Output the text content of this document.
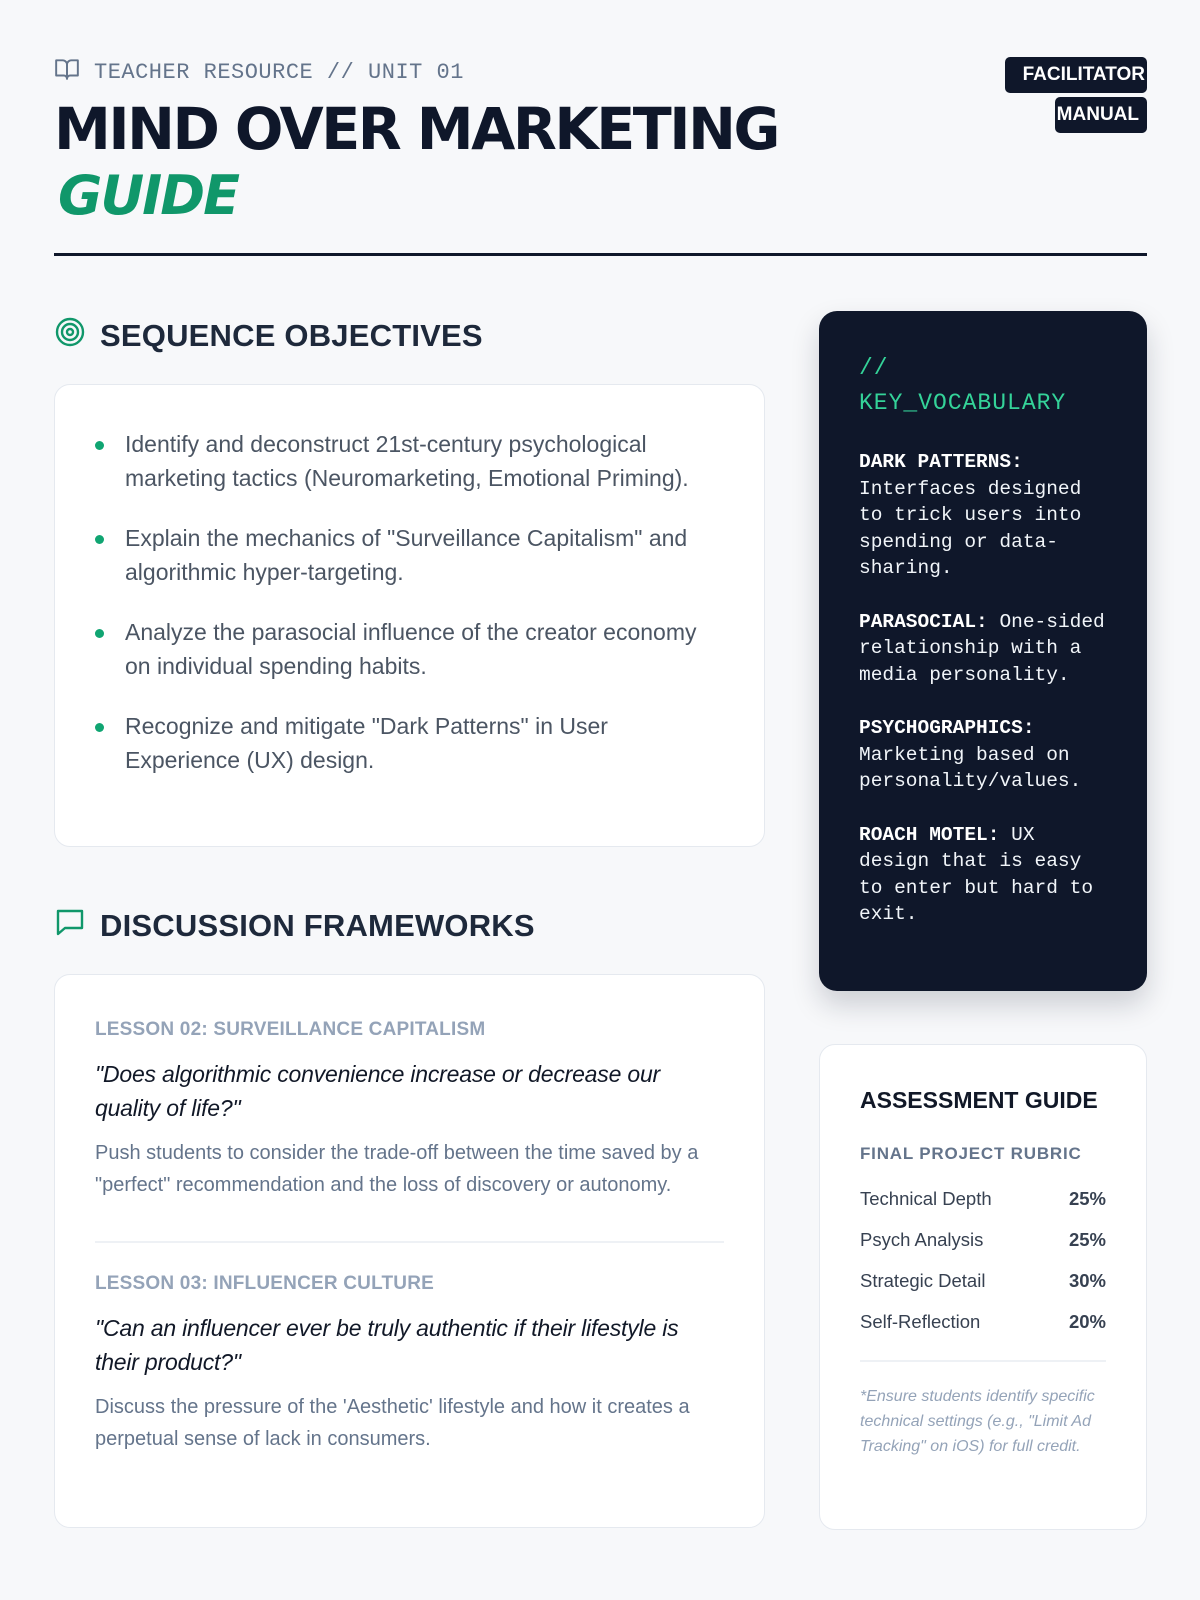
TEACHER RESOURCE // UNIT 01
MIND OVER MARKETING
GUIDE
FACILITATOR
MANUAL
SEQUENCE OBJECTIVES
Identify and deconstruct 21st-century psychological marketing tactics (Neuromarketing, Emotional Priming).
Explain the mechanics of "Surveillance Capitalism" and algorithmic hyper-targeting.
Analyze the parasocial influence of the creator economy on individual spending habits.
Recognize and mitigate "Dark Patterns" in User Experience (UX) design.
DISCUSSION FRAMEWORKS
LESSON 02: SURVEILLANCE CAPITALISM
"Does algorithmic convenience increase or decrease our quality of life?"
Push students to consider the trade-off between the time saved by a "perfect" recommendation and the loss of discovery or autonomy.
LESSON 03: INFLUENCER CULTURE
"Can an influencer ever be truly authentic if their lifestyle is their product?"
Discuss the pressure of the 'Aesthetic' lifestyle and how it creates a perpetual sense of lack in consumers.
// KEY_VOCABULARY
DARK PATTERNS: Interfaces designed to trick users into spending or data-sharing.
PARASOCIAL: One-sided relationship with a media personality.
PSYCHOGRAPHICS: Marketing based on personality/values.
ROACH MOTEL: UX design that is easy to enter but hard to exit.
ASSESSMENT GUIDE
FINAL PROJECT RUBRIC
Technical Depth	25%
Psych Analysis	25%
Strategic Detail	30%
Self-Reflection	20%
*Ensure students identify specific technical settings (e.g., "Limit Ad Tracking" on iOS) for full credit.
